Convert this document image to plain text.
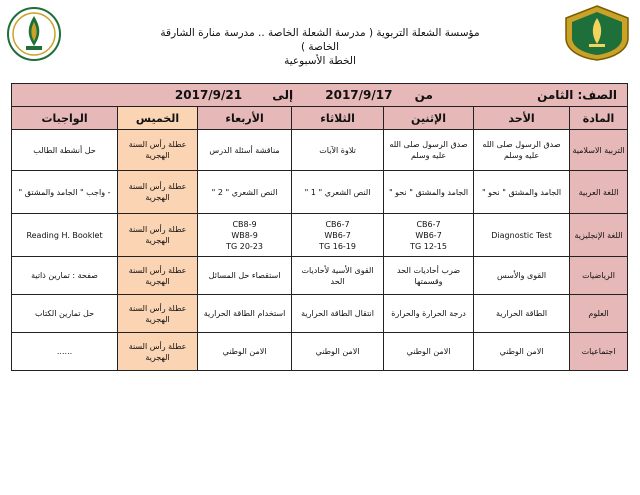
مؤسسة الشعلة التربوية ( مدرسة الشعلة الخاصة .. مدرسة منارة الشارقة الخاصة )
الخطة الأسبوعية
الصف: الثامن من 2017/9/17 إلى 2017/9/21						
المادة	الأحد	الإثنين	الثلاثاء	الأربعاء	الخميس	الواجبات
التربية الاسلامية	صدق الرسول صلى الله عليه وسلم	صدق الرسول صلى الله عليه وسلم	تلاوة الآيات	مناقشة أسئلة الدرس	عطلة رأس السنة الهجرية	حل أنشطة الطالب
اللغة العربية	الجامد والمشتق " نحو "	الجامد والمشتق " نحو "	النص الشعري " 1 "	النص الشعري " 2 "	عطلة رأس السنة الهجرية	- واجب " الجامد والمشتق "
اللغة الإنجليزية	Diagnostic Test	CB6-7
WB6-7
TG 12-15	CB6-7
WB6-7
TG 16-19	CB8-9
WB8-9
TG 20-23	عطلة رأس السنة الهجرية	Reading H. Booklet
الرياضيات	القوى والأسس	ضرب أحاديات الحد وقسمتها	القوى الأسية لأحاديات الحد	استقصاء حل المسائل	عطلة رأس السنة الهجرية	صفحة : تمارين ذاتية
العلوم	الطاقة الحرارية	درجة الحرارة والحرارة	انتقال الطاقة الحرارية	استخدام الطاقة الحرارية	عطلة رأس السنة الهجرية	حل تمارين الكتاب
اجتماعيات	الامن الوطني	الامن الوطني	الامن الوطني	الامن الوطني	عطلة رأس السنة الهجرية	......
